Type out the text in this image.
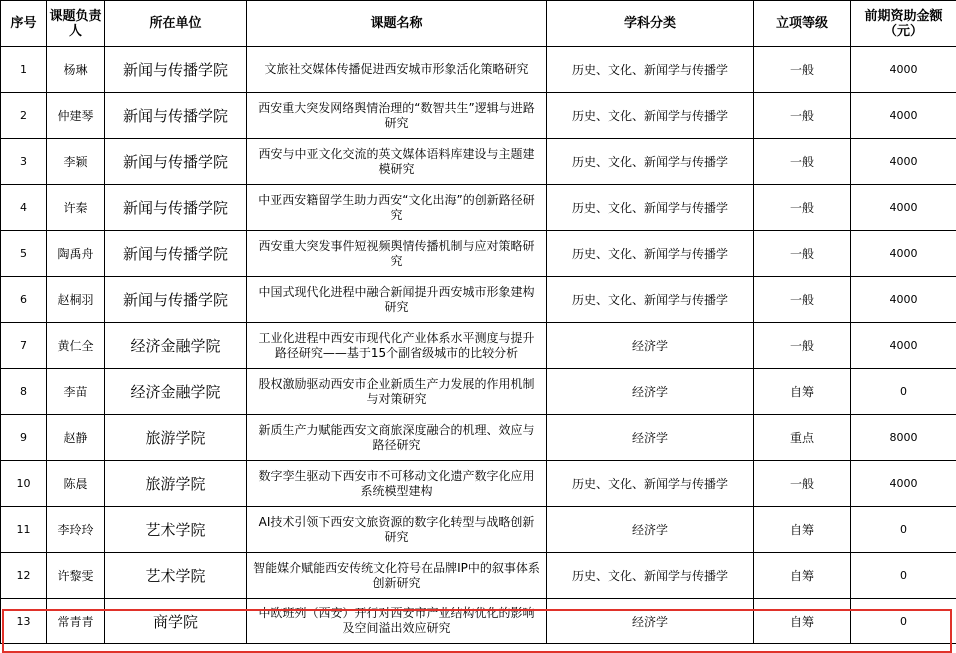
序号	课题负责人	所在单位	课题名称	学科分类	立项等级	前期资助金额（元）
1	杨琳	新闻与传播学院	文旅社交媒体传播促进西安城市形象活化策略研究	历史、文化、新闻学与传播学	一般	4000
2	仲建琴	新闻与传播学院	西安重大突发网络舆情治理的“数智共生”逻辑与进路研究	历史、文化、新闻学与传播学	一般	4000
3	李颖	新闻与传播学院	西安与中亚文化交流的英文媒体语料库建设与主题建模研究	历史、文化、新闻学与传播学	一般	4000
4	许秦	新闻与传播学院	中亚西安籍留学生助力西安“文化出海”的创新路径研究	历史、文化、新闻学与传播学	一般	4000
5	陶禹舟	新闻与传播学院	西安重大突发事件短视频舆情传播机制与应对策略研究	历史、文化、新闻学与传播学	一般	4000
6	赵桐羽	新闻与传播学院	中国式现代化进程中融合新闻提升西安城市形象建构研究	历史、文化、新闻学与传播学	一般	4000
7	黄仁全	经济金融学院	工业化进程中西安市现代化产业体系水平测度与提升路径研究——基于15个副省级城市的比较分析	经济学	一般	4000
8	李苗	经济金融学院	股权激励驱动西安市企业新质生产力发展的作用机制与对策研究	经济学	自筹	0
9	赵静	旅游学院	新质生产力赋能西安文商旅深度融合的机理、效应与路径研究	经济学	重点	8000
10	陈晨	旅游学院	数字孪生驱动下西安市不可移动文化遗产数字化应用系统模型建构	历史、文化、新闻学与传播学	一般	4000
11	李玲玲	艺术学院	AI技术引领下西安文旅资源的数字化转型与战略创新研究	经济学	自筹	0
12	许黎雯	艺术学院	智能媒介赋能西安传统文化符号在品牌IP中的叙事体系创新研究	历史、文化、新闻学与传播学	自筹	0
13	常青青	商学院	中欧班列（西安）开行对西安市产业结构优化的影响及空间溢出效应研究	经济学	自筹	0
